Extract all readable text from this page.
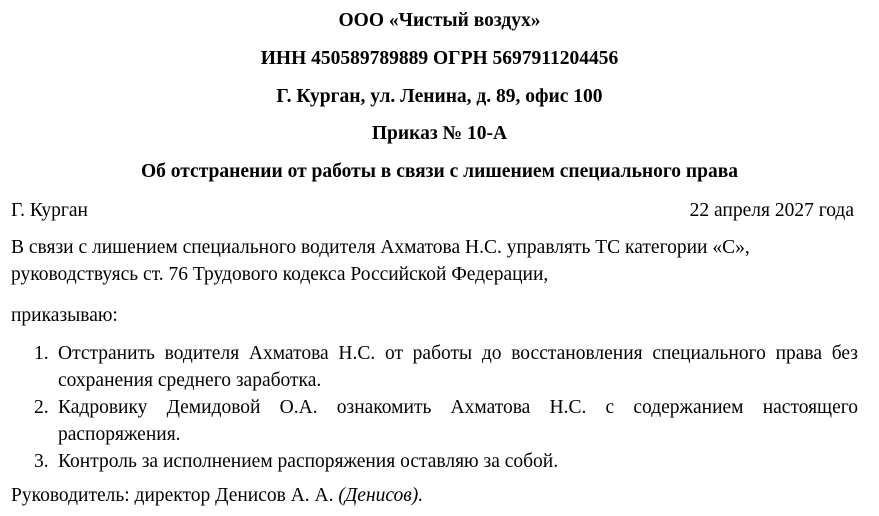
ООО «Чистый воздух»
ИНН 450589789889 ОГРН 5697911204456
Г. Курган, ул. Ленина, д. 89, офис 100
Приказ № 10-А
Об отстранении от работы в связи с лишением специального права
Г. Курган	22 апреля 2027 года
В связи с лишением специального водителя Ахматова Н.С. управлять ТС категории «С», руководствуясь ст. 76 Трудового кодекса Российской Федерации,
приказываю:
1. Отстранить водителя Ахматова Н.С. от работы до восстановления специального права без сохранения среднего заработка.
2. Кадровику Демидовой О.А. ознакомить Ахматова Н.С. с содержанием настоящего распоряжения.
3. Контроль за исполнением распоряжения оставляю за собой.
Руководитель: директор Денисов А. А. (Денисов).
